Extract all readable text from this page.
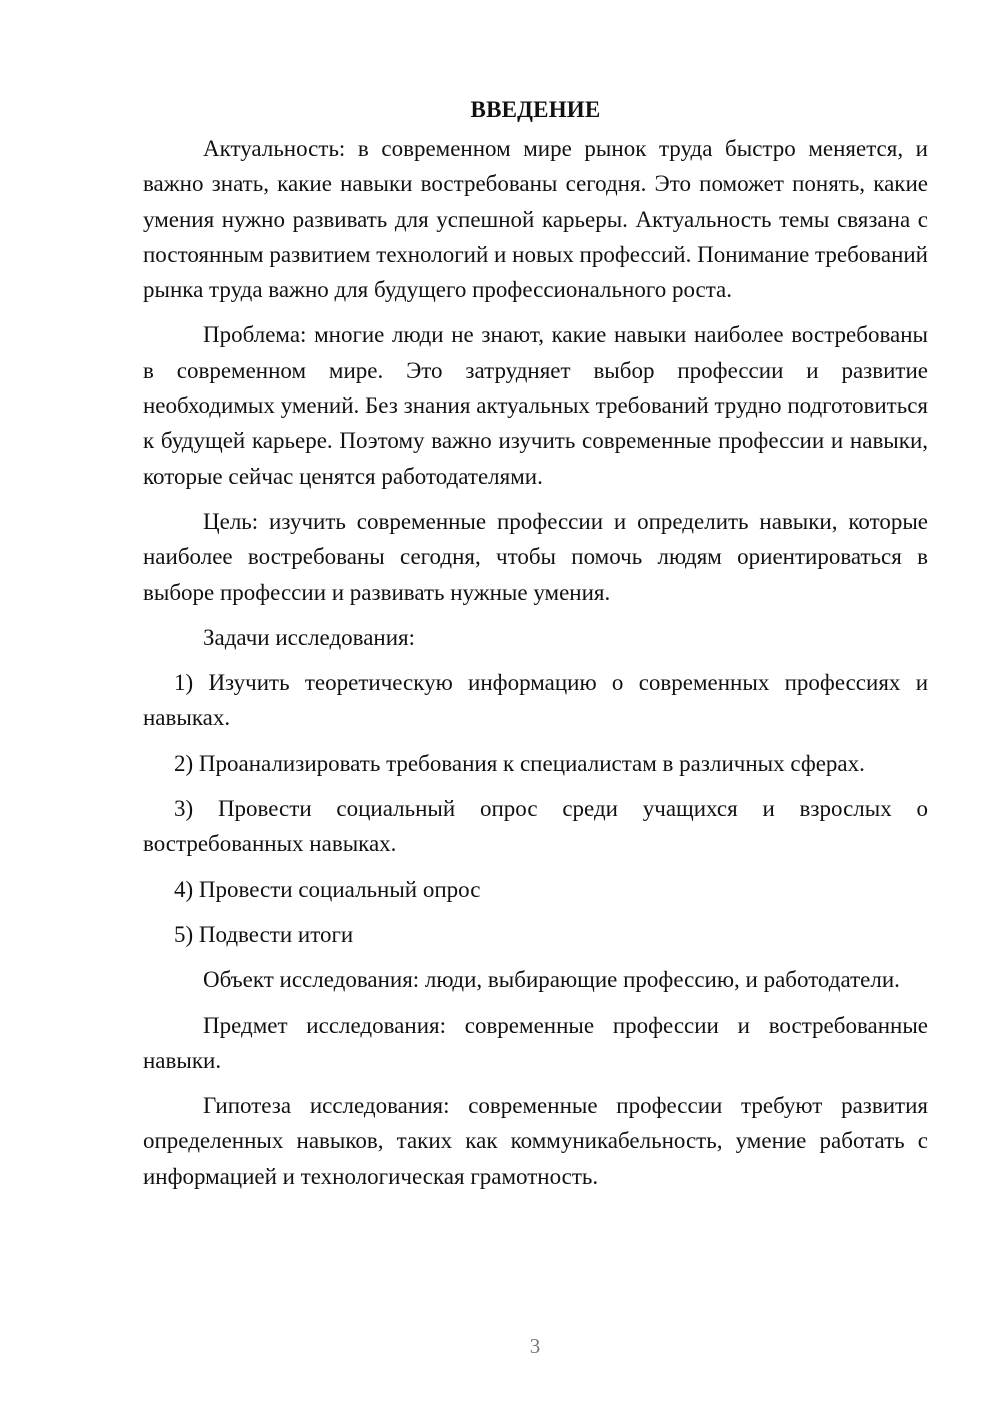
ВВЕДЕНИЕ

Актуальность: в современном мире рынок труда быстро меняется, и важно знать, какие навыки востребованы сегодня. Это поможет понять, какие умения нужно развивать для успешной карьеры. Актуальность темы связана с постоянным развитием технологий и новых профессий. Понимание требований рынка труда важно для будущего профессионального роста.

Проблема: многие люди не знают, какие навыки наиболее востребованы в современном мире. Это затрудняет выбор профессии и развитие необходимых умений. Без знания актуальных требований трудно подготовиться к будущей карьере. Поэтому важно изучить современные профессии и навыки, которые сейчас ценятся работодателями.

Цель: изучить современные профессии и определить навыки, которые наиболее востребованы сегодня, чтобы помочь людям ориентироваться в выборе профессии и развивать нужные умения.

Задачи исследования:

1) Изучить теоретическую информацию о современных профессиях и навыках.

2) Проанализировать требования к специалистам в различных сферах.

3) Провести социальный опрос среди учащихся и взрослых о востребованных навыках.

4) Провести социальный опрос

5) Подвести итоги

Объект исследования: люди, выбирающие профессию, и работодатели.

Предмет исследования: современные профессии и востребованные навыки.

Гипотеза исследования: современные профессии требуют развития определенных навыков, таких как коммуникабельность, умение работать с информацией и технологическая грамотность.

3
